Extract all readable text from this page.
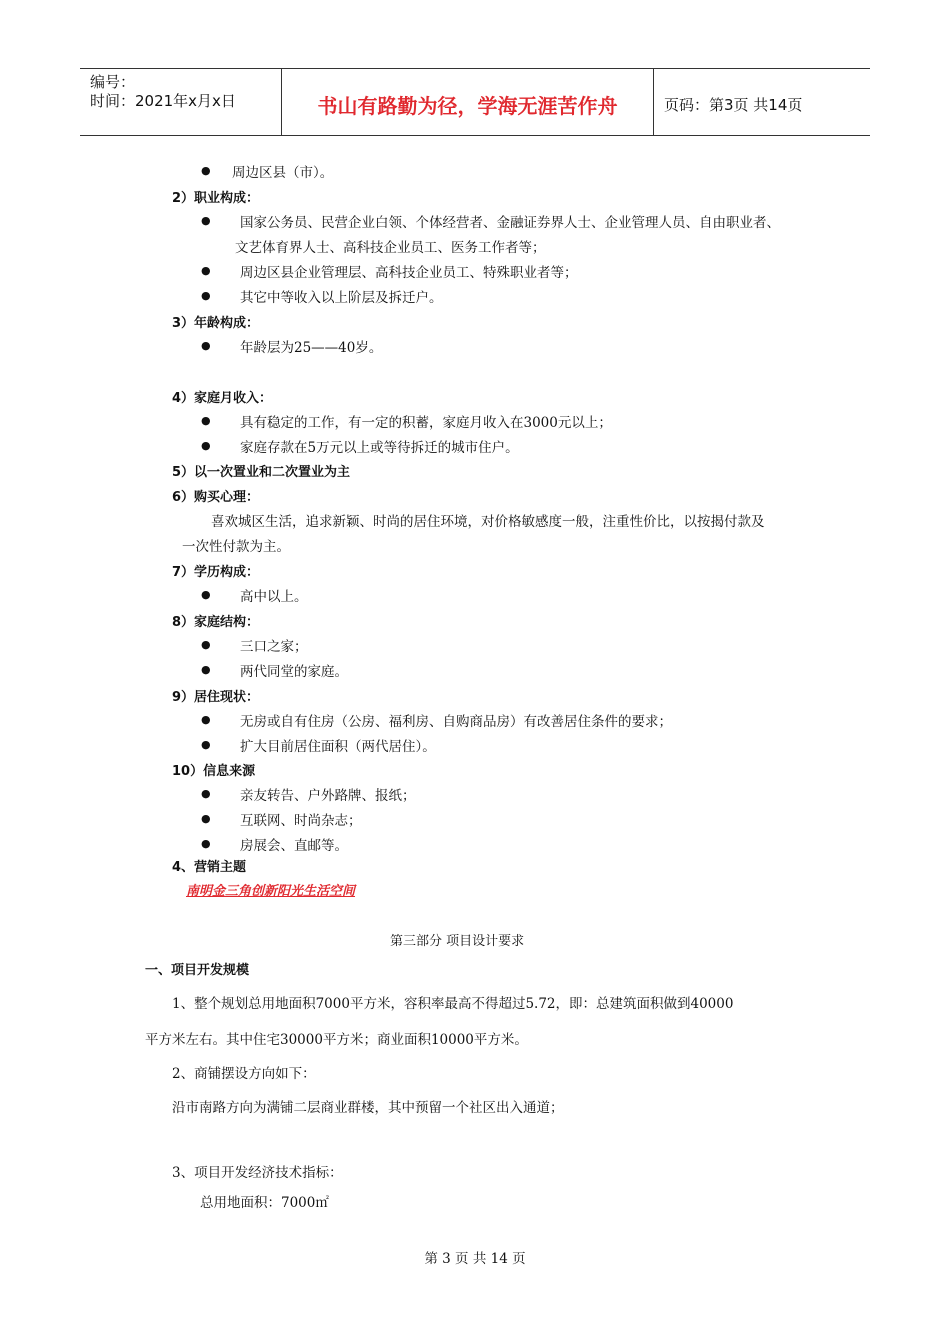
编号：
时间：2021年x月x日	书山有路勤为径，学海无涯苦作舟	页码：第3页 共14页
● 周边区县（市）。
2）职业构成：
● 国家公务员、民营企业白领、个体经营者、金融证券界人士、企业管理人员、自由职业者、
文艺体育界人士、高科技企业员工、医务工作者等；
● 周边区县企业管理层、高科技企业员工、特殊职业者等；
● 其它中等收入以上阶层及拆迁户。
3）年龄构成：
● 年龄层为25——40岁。
4）家庭月收入：
● 具有稳定的工作，有一定的积蓄，家庭月收入在3000元以上；
● 家庭存款在5万元以上或等待拆迁的城市住户。
5）以一次置业和二次置业为主
6）购买心理：
喜欢城区生活，追求新颖、时尚的居住环境，对价格敏感度一般，注重性价比，以按揭付款及
一次性付款为主。
7）学历构成：
● 高中以上。
8）家庭结构：
● 三口之家；
● 两代同堂的家庭。
9）居住现状：
● 无房或自有住房（公房、福利房、自购商品房）有改善居住条件的要求；
● 扩大目前居住面积（两代居住）。
10）信息来源
● 亲友转告、户外路牌、报纸；
● 互联网、时尚杂志；
● 房展会、直邮等。
4、营销主题
南明金三角创新阳光生活空间
第三部分 项目设计要求
一、项目开发规模
1、整个规划总用地面积7000平方米，容积率最高不得超过5.72，即：总建筑面积做到40000
平方米左右。其中住宅30000平方米；商业面积10000平方米。
2、商铺摆设方向如下：
沿市南路方向为满铺二层商业群楼，其中预留一个社区出入通道；
3、项目开发经济技术指标：
总用地面积：7000㎡
第 3 页 共 14 页
